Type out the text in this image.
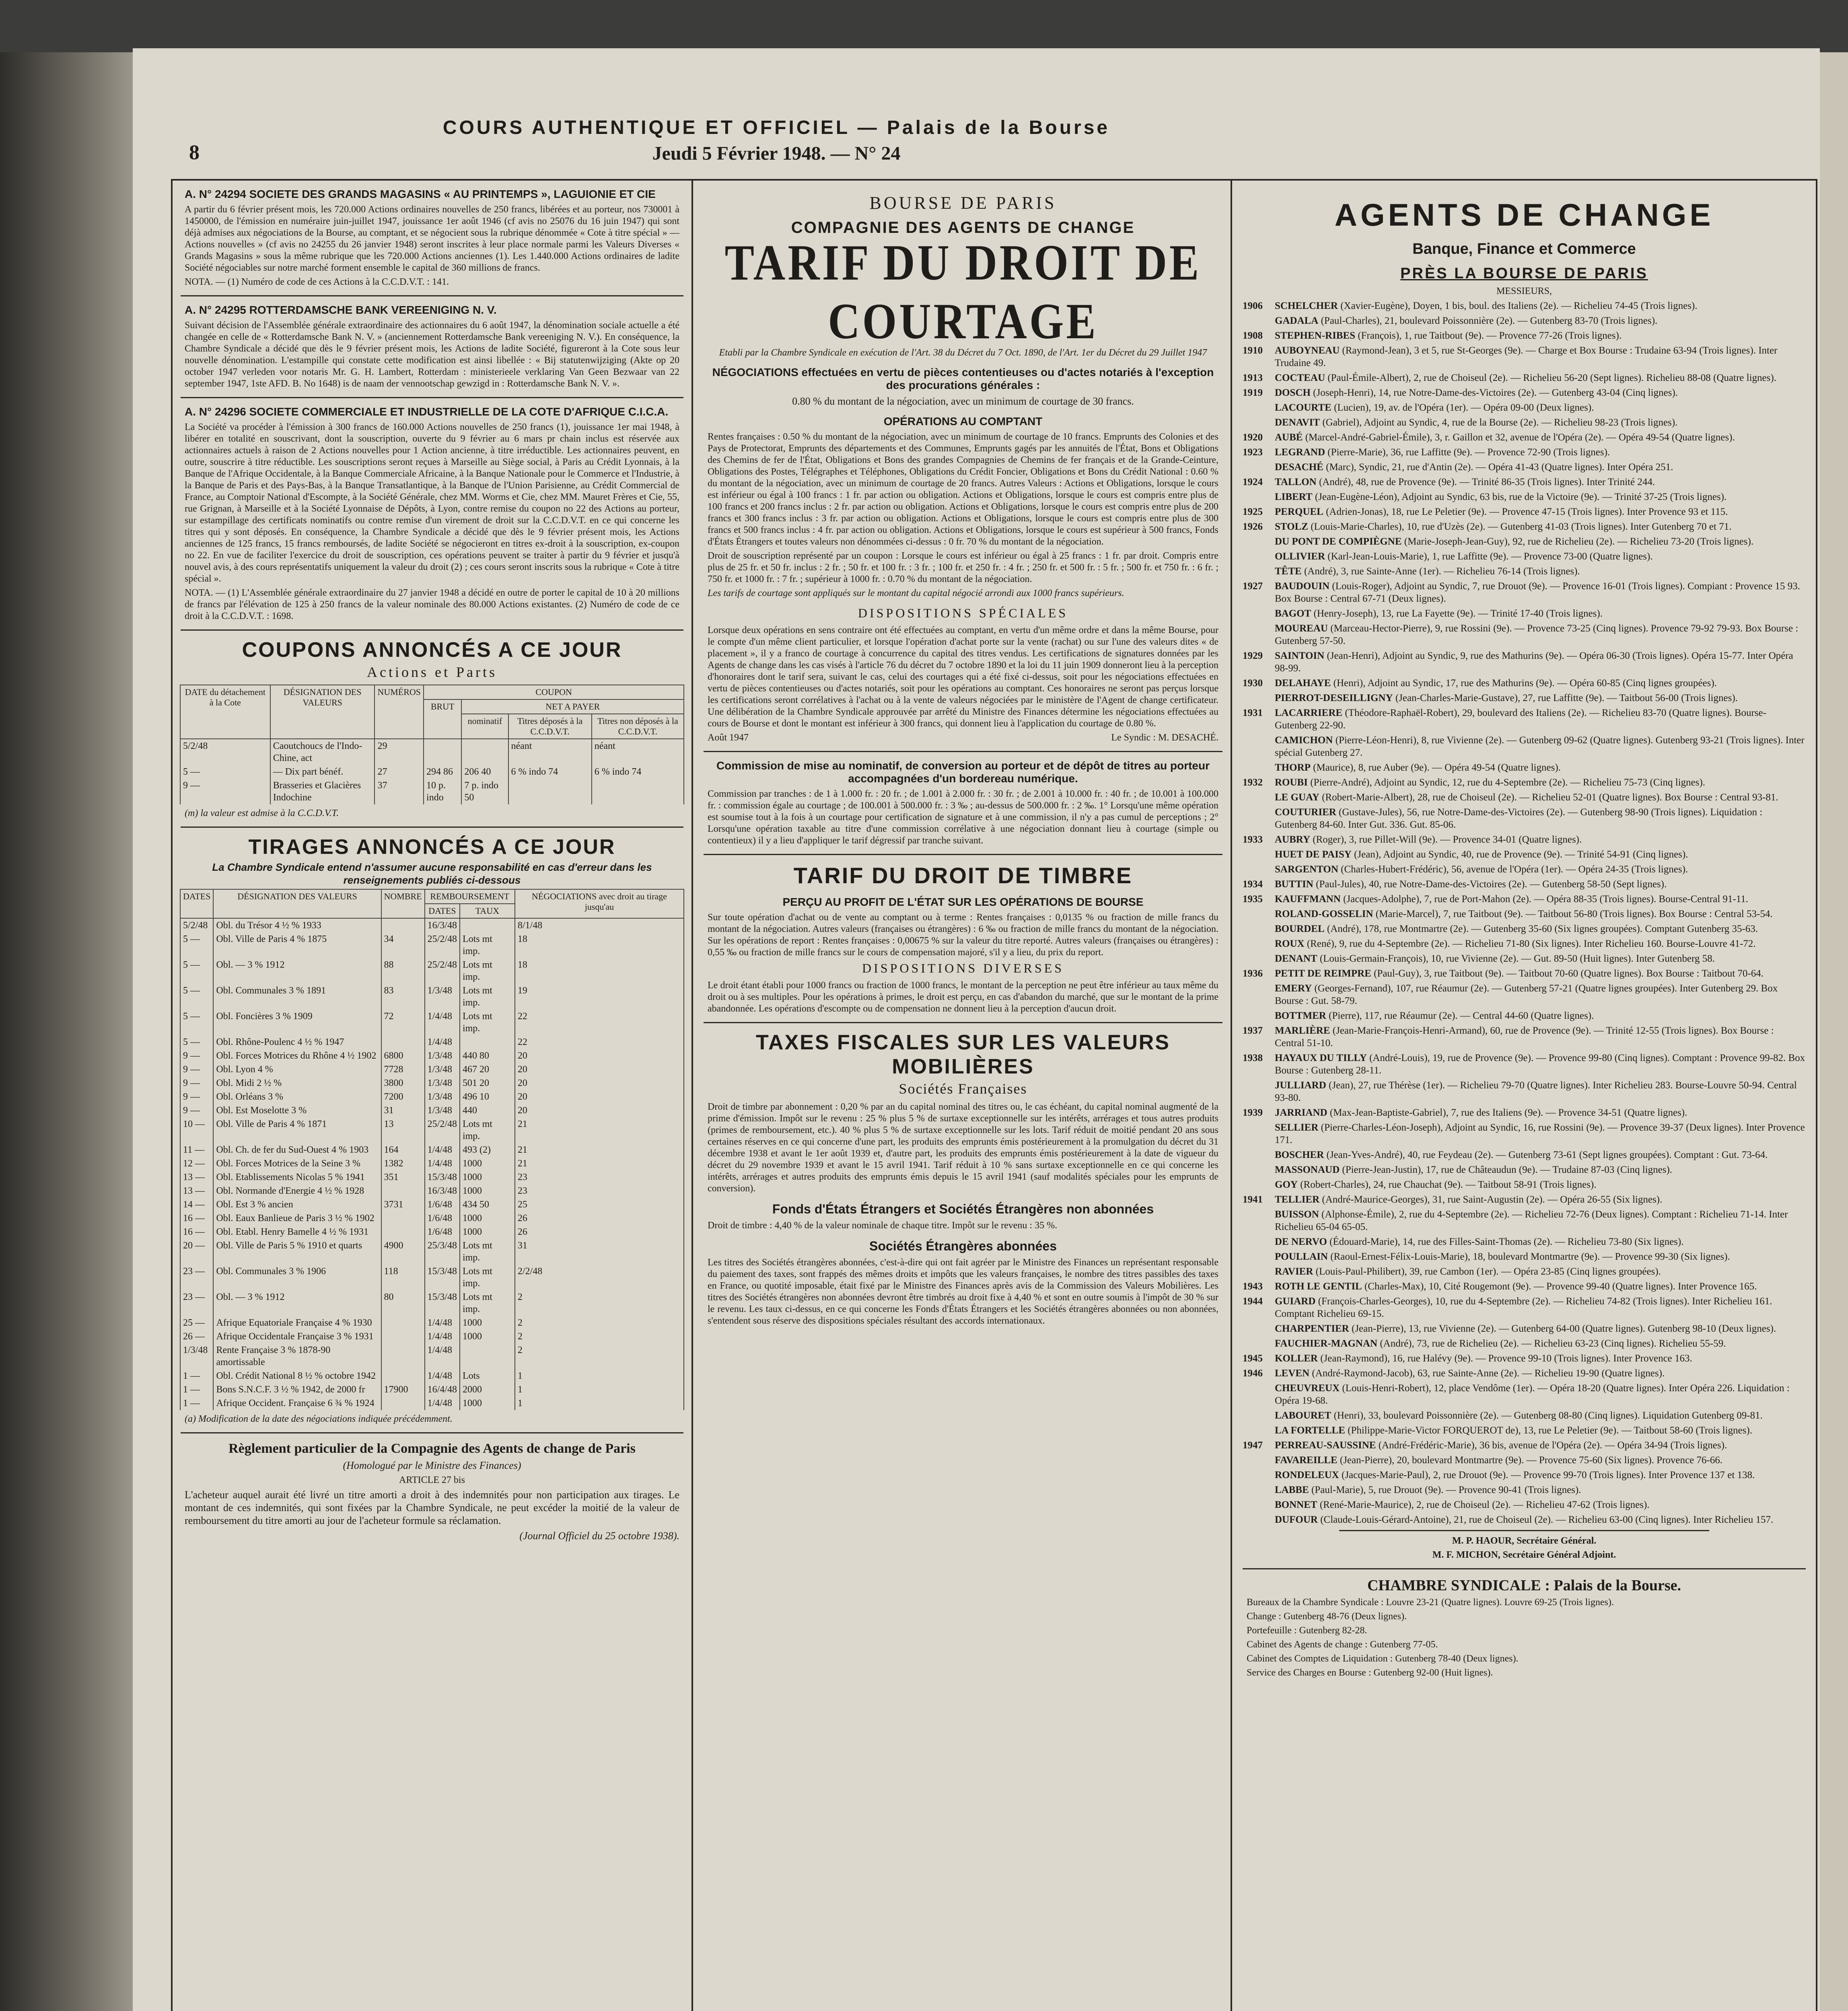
8
COURS AUTHENTIQUE ET OFFICIEL — Palais de la Bourse
Jeudi 5 Février 1948. — N° 24
A. N° 24294 SOCIETE DES GRANDS MAGASINS « AU PRINTEMPS », LAGUIONIE ET CIE
A partir du 6 février présent mois, les 720.000 Actions ordinaires nouvelles de 250 francs, libérées et au porteur, nos 730001 à 1450000, de l'émission en numéraire juin-juillet 1947, jouissance 1er août 1946 (cf avis no 25076 du 16 juin 1947) qui sont déjà admises aux négociations de la Bourse, au comptant, et se négocient sous la rubrique dénommée « Cote à titre spécial » — Actions nouvelles » (cf avis no 24255 du 26 janvier 1948) seront inscrites à leur place normale parmi les Valeurs Diverses « Grands Magasins » sous la même rubrique que les 720.000 Actions anciennes (1). Les 1.440.000 Actions ordinaires de ladite Société négociables sur notre marché forment ensemble le capital de 360 millions de francs.
NOTA. — (1) Numéro de code de ces Actions à la C.C.D.V.T. : 141.
A. N° 24295 ROTTERDAMSCHE BANK VEREENIGING N. V.
Suivant décision de l'Assemblée générale extraordinaire des actionnaires du 6 août 1947, la dénomination sociale actuelle a été changée en celle de « Rotterdamsche Bank N. V. » (anciennement Rotterdamsche Bank vereeniging N. V.). En conséquence, la Chambre Syndicale a décidé que dès le 9 février présent mois, les Actions de ladite Société, figureront à la Cote sous leur nouvelle dénomination. L'estampille qui constate cette modification est ainsi libellée : « Bij statutenwijziging (Akte op 20 october 1947 verleden voor notaris Mr. G. H. Lambert, Rotterdam : ministerieele verklaring Van Geen Bezwaar van 22 september 1947, 1ste AFD. B. No 1648) is de naam der vennootschap gewzigd in : Rotterdamsche Bank N. V. ».
A. N° 24296 SOCIETE COMMERCIALE ET INDUSTRIELLE DE LA COTE D'AFRIQUE C.I.C.A.
La Société va procéder à l'émission à 300 francs de 160.000 Actions nouvelles de 250 francs (1), jouissance 1er mai 1948, à libérer en totalité en souscrivant, dont la souscription, ouverte du 9 février au 6 mars pr chain inclus est réservée aux actionnaires actuels à raison de 2 Actions nouvelles pour 1 Action ancienne, à titre irréductible. Les actionnaires peuvent, en outre, souscrire à titre réductible. Les souscriptions seront reçues à Marseille au Siège social, à Paris au Crédit Lyonnais, à la Banque de l'Afrique Occidentale, à la Banque Commerciale Africaine, à la Banque Nationale pour le Commerce et l'Industrie, à la Banque de Paris et des Pays-Bas, à la Banque Transatlantique, à la Banque de l'Union Parisienne, au Crédit Commercial de France, au Comptoir National d'Escompte, à la Société Générale, chez MM. Worms et Cie, chez MM. Mauret Frères et Cie, 55, rue Grignan, à Marseille et à la Société Lyonnaise de Dépôts, à Lyon, contre remise du coupon no 22 des Actions au porteur, sur estampillage des certificats nominatifs ou contre remise d'un virement de droit sur la C.C.D.V.T. en ce qui concerne les titres qui y sont déposés. En conséquence, la Chambre Syndicale a décidé que dès le 9 février présent mois, les Actions anciennes de 125 francs, 15 francs remboursés, de ladite Société se négocieront en titres ex-droit à la souscription, ex-coupon no 22. En vue de faciliter l'exercice du droit de souscription, ces opérations peuvent se traiter à partir du 9 février et jusqu'à nouvel avis, à des cours représentatifs uniquement la valeur du droit (2) ; ces cours seront inscrits sous la rubrique « Cote à titre spécial ».
NOTA. — (1) L'Assemblée générale extraordinaire du 27 janvier 1948 a décidé en outre de porter le capital de 10 à 20 millions de francs par l'élévation de 125 à 250 francs de la valeur nominale des 80.000 Actions existantes. (2) Numéro de code de ce droit à la C.C.D.V.T. : 1698.
COUPONS ANNONCÉS A CE JOUR
Actions et Parts
DATE du détachement à la Cote	DÉSIGNATION DES VALEURS	NUMÉROS	COUPON			
			BRUT	NET A PAYER		
				nominatif	Titres déposés à la C.C.D.V.T.	Titres non déposés à la C.C.D.V.T.
5/2/48	Caoutchoucs de l'Indo-Chine, act	29			néant	néant
5 —	— Dix part bénéf.	27	294 86	206 40	6 % indo 74	6 % indo 74
9 —	Brasseries et Glacières Indochine	37	10 p. indo	7 p. indo 50		
(m) la valeur est admise à la C.C.D.V.T.
TIRAGES ANNONCÉS A CE JOUR
La Chambre Syndicale entend n'assumer aucune responsabilité en cas d'erreur dans les renseignements publiés ci-dessous
DATES	DÉSIGNATION DES VALEURS	NOMBRE	REMBOURSEMENT		NÉGOCIATIONS avec droit au tirage jusqu'au
			DATES	TAUX	
5/2/48	Obl. du Trésor 4 ½ % 1933		16/3/48		8/1/48
5 —	Obl. Ville de Paris 4 % 1875	34	25/2/48	Lots mt imp.	18
5 —	Obl. — 3 % 1912	88	25/2/48	Lots mt imp.	18
5 —	Obl. Communales 3 % 1891	83	1/3/48	Lots mt imp.	19
5 —	Obl. Foncières 3 % 1909	72	1/4/48	Lots mt imp.	22
5 —	Obl. Rhône-Poulenc 4 ½ % 1947		1/4/48		22
9 —	Obl. Forces Motrices du Rhône 4 ½ 1902	6800	1/3/48	440 80	20
9 —	Obl. Lyon 4 %	7728	1/3/48	467 20	20
9 —	Obl. Midi 2 ½ %	3800	1/3/48	501 20	20
9 —	Obl. Orléans 3 %	7200	1/3/48	496 10	20
9 —	Obl. Est Moselotte 3 %	31	1/3/48	440	20
10 —	Obl. Ville de Paris 4 % 1871	13	25/2/48	Lots mt imp.	21
11 —	Obl. Ch. de fer du Sud-Ouest 4 % 1903	164	1/4/48	493 (2)	21
12 —	Obl. Forces Motrices de la Seine 3 %	1382	1/4/48	1000	21
13 —	Obl. Etablissements Nicolas 5 % 1941	351	15/3/48	1000	23
13 —	Obl. Normande d'Energie 4 ½ % 1928		16/3/48	1000	23
14 —	Obl. Est 3 % ancien	3731	1/6/48	434 50	25
16 —	Obl. Eaux Banlieue de Paris 3 ½ % 1902		1/6/48	1000	26
16 —	Obl. Etabl. Henry Bamelle 4 ½ % 1931		1/6/48	1000	26
20 —	Obl. Ville de Paris 5 % 1910 et quarts	4900	25/3/48	Lots mt imp.	31
23 —	Obl. Communales 3 % 1906	118	15/3/48	Lots mt imp.	2/2/48
23 —	Obl. — 3 % 1912	80	15/3/48	Lots mt imp.	2
25 —	Afrique Equatoriale Française 4 % 1930		1/4/48	1000	2
26 —	Afrique Occidentale Française 3 % 1931		1/4/48	1000	2
1/3/48	Rente Française 3 % 1878-90 amortissable		1/4/48		2
1 —	Obl. Crédit National 8 ½ % octobre 1942		1/4/48	Lots	1
1 —	Bons S.N.C.F. 3 ½ % 1942, de 2000 fr	17900	16/4/48	2000	1
1 —	Afrique Occident. Française 6 ¾ % 1924		1/4/48	1000	1
(a) Modification de la date des négociations indiquée précédemment.
Règlement particulier de la Compagnie des Agents de change de Paris
(Homologué par le Ministre des Finances)
ARTICLE 27 bis
L'acheteur auquel aurait été livré un titre amorti a droit à des indemnités pour non participation aux tirages. Le montant de ces indemnités, qui sont fixées par la Chambre Syndicale, ne peut excéder la moitié de la valeur de remboursement du titre amorti au jour de l'acheteur formule sa réclamation.
(Journal Officiel du 25 octobre 1938).
BOURSE DE PARIS
COMPAGNIE DES AGENTS DE CHANGE
TARIF DU DROIT DE COURTAGE
Etabli par la Chambre Syndicale en exécution de l'Art. 38 du Décret du 7 Oct. 1890, de l'Art. 1er du Décret du 29 Juillet 1947
NÉGOCIATIONS effectuées en vertu de pièces contentieuses ou d'actes notariés à l'exception des procurations générales :
0.80 % du montant de la négociation, avec un minimum de courtage de 30 francs.
OPÉRATIONS AU COMPTANT
Rentes françaises : 0.50 % du montant de la négociation, avec un minimum de courtage de 10 francs. Emprunts des Colonies et des Pays de Protectorat, Emprunts des départements et des Communes, Emprunts gagés par les annuités de l'État, Bons et Obligations des Chemins de fer de l'État, Obligations et Bons des grandes Compagnies de Chemins de fer français et de la Grande-Ceinture, Obligations des Postes, Télégraphes et Téléphones, Obligations du Crédit Foncier, Obligations et Bons du Crédit National : 0.60 % du montant de la négociation, avec un minimum de courtage de 20 francs. Autres Valeurs : Actions et Obligations, lorsque le cours est inférieur ou égal à 100 francs : 1 fr. par action ou obligation. Actions et Obligations, lorsque le cours est compris entre plus de 100 francs et 200 francs inclus : 2 fr. par action ou obligation. Actions et Obligations, lorsque le cours est compris entre plus de 200 francs et 300 francs inclus : 3 fr. par action ou obligation. Actions et Obligations, lorsque le cours est compris entre plus de 300 francs et 500 francs inclus : 4 fr. par action ou obligation. Actions et Obligations, lorsque le cours est supérieur à 500 francs, Fonds d'États Étrangers et toutes valeurs non dénommées ci-dessus : 0 fr. 70 % du montant de la négociation.
Droit de souscription représenté par un coupon : Lorsque le cours est inférieur ou égal à 25 francs : 1 fr. par droit. Compris entre plus de 25 fr. et 50 fr. inclus : 2 fr. ; 50 fr. et 100 fr. : 3 fr. ; 100 fr. et 250 fr. : 4 fr. ; 250 fr. et 500 fr. : 5 fr. ; 500 fr. et 750 fr. : 6 fr. ; 750 fr. et 1000 fr. : 7 fr. ; supérieur à 1000 fr. : 0.70 % du montant de la négociation.
Les tarifs de courtage sont appliqués sur le montant du capital négocié arrondi aux 1000 francs supérieurs.
DISPOSITIONS SPÉCIALES
Lorsque deux opérations en sens contraire ont été effectuées au comptant, en vertu d'un même ordre et dans la même Bourse, pour le compte d'un même client particulier, et lorsque l'opération d'achat porte sur la vente (rachat) ou sur l'une des valeurs dites « de placement », il y a franco de courtage à concurrence du capital des titres vendus. Les certifications de signatures données par les Agents de change dans les cas visés à l'article 76 du décret du 7 octobre 1890 et la loi du 11 juin 1909 donneront lieu à la perception d'honoraires dont le tarif sera, suivant le cas, celui des courtages qui a été fixé ci-dessus, soit pour les négociations effectuées en vertu de pièces contentieuses ou d'actes notariés, soit pour les opérations au comptant. Ces honoraires ne seront pas perçus lorsque les certifications seront corrélatives à l'achat ou à la vente de valeurs négociées par le ministère de l'Agent de change certificateur. Une délibération de la Chambre Syndicale approuvée par arrêté du Ministre des Finances détermine les négociations effectuées au cours de Bourse et dont le montant est inférieur à 300 francs, qui donnent lieu à l'application du courtage de 0.80 %.
Août 1947	Le Syndic : M. DESACHÉ.
Commission de mise au nominatif, de conversion au porteur et de dépôt de titres au porteur accompagnées d'un bordereau numérique.
Commission par tranches : de 1 à 1.000 fr. : 20 fr. ; de 1.001 à 2.000 fr. : 30 fr. ; de 2.001 à 10.000 fr. : 40 fr. ; de 10.001 à 100.000 fr. : commission égale au courtage ; de 100.001 à 500.000 fr. : 3 ‰ ; au-dessus de 500.000 fr. : 2 ‰. 1° Lorsqu'une même opération est soumise tout à la fois à un courtage pour certification de signature et à une commission, il n'y a pas cumul de perceptions ; 2° Lorsqu'une opération taxable au titre d'une commission corrélative à une négociation donnant lieu à courtage (simple ou contentieux) il y a lieu d'appliquer le tarif dégressif par tranche suivant.
TARIF DU DROIT DE TIMBRE
PERÇU AU PROFIT DE L'ÉTAT SUR LES OPÉRATIONS DE BOURSE
Sur toute opération d'achat ou de vente au comptant ou à terme : Rentes françaises : 0,0135 % ou fraction de mille francs du montant de la négociation. Autres valeurs (françaises ou étrangères) : 6 ‰ ou fraction de mille francs du montant de la négociation. Sur les opérations de report : Rentes françaises : 0,00675 % sur la valeur du titre reporté. Autres valeurs (françaises ou étrangères) : 0,55 ‰ ou fraction de mille francs sur le cours de compensation majoré, s'il y a lieu, du prix du report.
DISPOSITIONS DIVERSES
Le droit étant établi pour 1000 francs ou fraction de 1000 francs, le montant de la perception ne peut être inférieur au taux même du droit ou à ses multiples. Pour les opérations à primes, le droit est perçu, en cas d'abandon du marché, que sur le montant de la prime abandonnée. Les opérations d'escompte ou de compensation ne donnent lieu à la perception d'aucun droit.
TAXES FISCALES SUR LES VALEURS MOBILIÈRES
Sociétés Françaises
Droit de timbre par abonnement : 0,20 % par an du capital nominal des titres ou, le cas échéant, du capital nominal augmenté de la prime d'émission. Impôt sur le revenu : 25 % plus 5 % de surtaxe exceptionnelle sur les intérêts, arrérages et tous autres produits (primes de remboursement, etc.). 40 % plus 5 % de surtaxe exceptionnelle sur les lots. Tarif réduit de moitié pendant 20 ans sous certaines réserves en ce qui concerne d'une part, les produits des emprunts émis postérieurement à la promulgation du décret du 31 décembre 1938 et avant le 1er août 1939 et, d'autre part, les produits des emprunts émis postérieurement à la date de vigueur du décret du 29 novembre 1939 et avant le 15 avril 1941. Tarif réduit à 10 % sans surtaxe exceptionnelle en ce qui concerne les intérêts, arrérages et autres produits des emprunts émis depuis le 15 avril 1941 (sauf modalités spéciales pour les emprunts de conversion).
Fonds d'États Étrangers et Sociétés Étrangères non abonnées
Droit de timbre : 4,40 % de la valeur nominale de chaque titre. Impôt sur le revenu : 35 %.
Sociétés Étrangères abonnées
Les titres des Sociétés étrangères abonnées, c'est-à-dire qui ont fait agréer par le Ministre des Finances un représentant responsable du paiement des taxes, sont frappés des mêmes droits et impôts que les valeurs françaises, le nombre des titres passibles des taxes en France, ou quotité imposable, était fixé par le Ministre des Finances après avis de la Commission des Valeurs Mobilières. Les titres des Sociétés étrangères non abonnées devront être timbrés au droit fixe à 4,40 % et sont en outre soumis à l'impôt de 30 % sur le revenu. Les taux ci-dessus, en ce qui concerne les Fonds d'États Étrangers et les Sociétés étrangères abonnées ou non abonnées, s'entendent sous réserve des dispositions spéciales résultant des accords internationaux.
AGENTS DE CHANGE
Banque, Finance et Commerce
PRÈS LA BOURSE DE PARIS
MESSIEURS,
1906	SCHELCHER (Xavier-Eugène), Doyen, 1 bis, boul. des Italiens (2e). — Richelieu 74-45 (Trois lignes).
GADALA (Paul-Charles), 21, boulevard Poissonnière (2e). — Gutenberg 83-70 (Trois lignes).
1908	STEPHEN-RIBES (François), 1, rue Taitbout (9e). — Provence 77-26 (Trois lignes).
1910	AUBOYNEAU (Raymond-Jean), 3 et 5, rue St-Georges (9e). — Charge et Box Bourse : Trudaine 63-94 (Trois lignes). Inter Trudaine 49.
1913	COCTEAU (Paul-Émile-Albert), 2, rue de Choiseul (2e). — Richelieu 56-20 (Sept lignes). Richelieu 88-08 (Quatre lignes).
1919	DOSCH (Joseph-Henri), 14, rue Notre-Dame-des-Victoires (2e). — Gutenberg 43-04 (Cinq lignes).
LACOURTE (Lucien), 19, av. de l'Opéra (1er). — Opéra 09-00 (Deux lignes).
DENAVIT (Gabriel), Adjoint au Syndic, 4, rue de la Bourse (2e). — Richelieu 98-23 (Trois lignes).
1920	AUBÉ (Marcel-André-Gabriel-Émile), 3, r. Gaillon et 32, avenue de l'Opéra (2e). — Opéra 49-54 (Quatre lignes).
1923	LEGRAND (Pierre-Marie), 36, rue Laffitte (9e). — Provence 72-90 (Trois lignes).
DESACHÉ (Marc), Syndic, 21, rue d'Antin (2e). — Opéra 41-43 (Quatre lignes). Inter Opéra 251.
1924	TALLON (André), 48, rue de Provence (9e). — Trinité 86-35 (Trois lignes). Inter Trinité 244.
LIBERT (Jean-Eugène-Léon), Adjoint au Syndic, 63 bis, rue de la Victoire (9e). — Trinité 37-25 (Trois lignes).
1925	PERQUEL (Adrien-Jonas), 18, rue Le Peletier (9e). — Provence 47-15 (Trois lignes). Inter Provence 93 et 115.
1926	STOLZ (Louis-Marie-Charles), 10, rue d'Uzès (2e). — Gutenberg 41-03 (Trois lignes). Inter Gutenberg 70 et 71.
DU PONT DE COMPIÈGNE (Marie-Joseph-Jean-Guy), 92, rue de Richelieu (2e). — Richelieu 73-20 (Trois lignes).
OLLIVIER (Karl-Jean-Louis-Marie), 1, rue Laffitte (9e). — Provence 73-00 (Quatre lignes).
TÊTE (André), 3, rue Sainte-Anne (1er). — Richelieu 76-14 (Trois lignes).
1927	BAUDOUIN (Louis-Roger), Adjoint au Syndic, 7, rue Drouot (9e). — Provence 16-01 (Trois lignes). Compiant : Provence 15 93. Box Bourse : Central 67-71 (Deux lignes).
BAGOT (Henry-Joseph), 13, rue La Fayette (9e). — Trinité 17-40 (Trois lignes).
MOUREAU (Marceau-Hector-Pierre), 9, rue Rossini (9e). — Provence 73-25 (Cinq lignes). Provence 79-92 79-93. Box Bourse : Gutenberg 57-50.
1929	SAINTOIN (Jean-Henri), Adjoint au Syndic, 9, rue des Mathurins (9e). — Opéra 06-30 (Trois lignes). Opéra 15-77. Inter Opéra 98-99.
1930	DELAHAYE (Henri), Adjoint au Syndic, 17, rue des Mathurins (9e). — Opéra 60-85 (Cinq lignes groupées).
PIERROT-DESEILLIGNY (Jean-Charles-Marie-Gustave), 27, rue Laffitte (9e). — Taitbout 56-00 (Trois lignes).
1931	LACARRIERE (Théodore-Raphaël-Robert), 29, boulevard des Italiens (2e). — Richelieu 83-70 (Quatre lignes). Bourse-Gutenberg 22-90.
CAMICHON (Pierre-Léon-Henri), 8, rue Vivienne (2e). — Gutenberg 09-62 (Quatre lignes). Gutenberg 93-21 (Trois lignes). Inter spécial Gutenberg 27.
THORP (Maurice), 8, rue Auber (9e). — Opéra 49-54 (Quatre lignes).
1932	ROUBI (Pierre-André), Adjoint au Syndic, 12, rue du 4-Septembre (2e). — Richelieu 75-73 (Cinq lignes).
LE GUAY (Robert-Marie-Albert), 28, rue de Choiseul (2e). — Richelieu 52-01 (Quatre lignes). Box Bourse : Central 93-81.
COUTURIER (Gustave-Jules), 56, rue Notre-Dame-des-Victoires (2e). — Gutenberg 98-90 (Trois lignes). Liquidation : Gutenberg 84-60. Inter Gut. 336. Gut. 85-06.
1933	AUBRY (Roger), 3, rue Pillet-Will (9e). — Provence 34-01 (Quatre lignes).
HUET DE PAISY (Jean), Adjoint au Syndic, 40, rue de Provence (9e). — Trinité 54-91 (Cinq lignes).
SARGENTON (Charles-Hubert-Frédéric), 56, avenue de l'Opéra (1er). — Opéra 24-35 (Trois lignes).
1934	BUTTIN (Paul-Jules), 40, rue Notre-Dame-des-Victoires (2e). — Gutenberg 58-50 (Sept lignes).
1935	KAUFFMANN (Jacques-Adolphe), 7, rue de Port-Mahon (2e). — Opéra 88-35 (Trois lignes). Bourse-Central 91-11.
ROLAND-GOSSELIN (Marie-Marcel), 7, rue Taitbout (9e). — Taitbout 56-80 (Trois lignes). Box Bourse : Central 53-54.
BOURDEL (André), 178, rue Montmartre (2e). — Gutenberg 35-60 (Six lignes groupées). Comptant Gutenberg 35-63.
ROUX (René), 9, rue du 4-Septembre (2e). — Richelieu 71-80 (Six lignes). Inter Richelieu 160. Bourse-Louvre 41-72.
DENANT (Louis-Germain-François), 10, rue Vivienne (2e). — Gut. 89-50 (Huit lignes). Inter Gutenberg 58.
1936	PETIT DE REIMPRE (Paul-Guy), 3, rue Taitbout (9e). — Taitbout 70-60 (Quatre lignes). Box Bourse : Taitbout 70-64.
EMERY (Georges-Fernand), 107, rue Réaumur (2e). — Gutenberg 57-21 (Quatre lignes groupées). Inter Gutenberg 29. Box Bourse : Gut. 58-79.
BOTTMER (Pierre), 117, rue Réaumur (2e). — Central 44-60 (Quatre lignes).
1937	MARLIÈRE (Jean-Marie-François-Henri-Armand), 60, rue de Provence (9e). — Trinité 12-55 (Trois lignes). Box Bourse : Central 51-10.
1938	HAYAUX DU TILLY (André-Louis), 19, rue de Provence (9e). — Provence 99-80 (Cinq lignes). Comptant : Provence 99-82. Box Bourse : Gutenberg 28-11.
JULLIARD (Jean), 27, rue Thérèse (1er). — Richelieu 79-70 (Quatre lignes). Inter Richelieu 283. Bourse-Louvre 50-94. Central 93-80.
1939	JARRIAND (Max-Jean-Baptiste-Gabriel), 7, rue des Italiens (9e). — Provence 34-51 (Quatre lignes).
SELLIER (Pierre-Charles-Léon-Joseph), Adjoint au Syndic, 16, rue Rossini (9e). — Provence 39-37 (Deux lignes). Inter Provence 171.
BOSCHER (Jean-Yves-André), 40, rue Feydeau (2e). — Gutenberg 73-61 (Sept lignes groupées). Comptant : Gut. 73-64.
MASSONAUD (Pierre-Jean-Justin), 17, rue de Châteaudun (9e). — Trudaine 87-03 (Cinq lignes).
GOY (Robert-Charles), 24, rue Chauchat (9e). — Taitbout 58-91 (Trois lignes).
1941	TELLIER (André-Maurice-Georges), 31, rue Saint-Augustin (2e). — Opéra 26-55 (Six lignes).
BUISSON (Alphonse-Émile), 2, rue du 4-Septembre (2e). — Richelieu 72-76 (Deux lignes). Comptant : Richelieu 71-14. Inter Richelieu 65-04 65-05.
DE NERVO (Édouard-Marie), 14, rue des Filles-Saint-Thomas (2e). — Richelieu 73-80 (Six lignes).
POULLAIN (Raoul-Ernest-Félix-Louis-Marie), 18, boulevard Montmartre (9e). — Provence 99-30 (Six lignes).
RAVIER (Louis-Paul-Philibert), 39, rue Cambon (1er). — Opéra 23-85 (Cinq lignes groupées).
1943	ROTH LE GENTIL (Charles-Max), 10, Cité Rougemont (9e). — Provence 99-40 (Quatre lignes). Inter Provence 165.
1944	GUIARD (François-Charles-Georges), 10, rue du 4-Septembre (2e). — Richelieu 74-82 (Trois lignes). Inter Richelieu 161. Comptant Richelieu 69-15.
CHARPENTIER (Jean-Pierre), 13, rue Vivienne (2e). — Gutenberg 64-00 (Quatre lignes). Gutenberg 98-10 (Deux lignes).
FAUCHIER-MAGNAN (André), 73, rue de Richelieu (2e). — Richelieu 63-23 (Cinq lignes). Richelieu 55-59.
1945	KOLLER (Jean-Raymond), 16, rue Halévy (9e). — Provence 99-10 (Trois lignes). Inter Provence 163.
1946	LEVEN (André-Raymond-Jacob), 63, rue Sainte-Anne (2e). — Richelieu 19-90 (Quatre lignes).
CHEUVREUX (Louis-Henri-Robert), 12, place Vendôme (1er). — Opéra 18-20 (Quatre lignes). Inter Opéra 226. Liquidation : Opéra 19-68.
LABOURET (Henri), 33, boulevard Poissonnière (2e). — Gutenberg 08-80 (Cinq lignes). Liquidation Gutenberg 09-81.
LA FORTELLE (Philippe-Marie-Victor FORQUEROT de), 13, rue Le Peletier (9e). — Taitbout 58-60 (Trois lignes).
1947	PERREAU-SAUSSINE (André-Frédéric-Marie), 36 bis, avenue de l'Opéra (2e). — Opéra 34-94 (Trois lignes).
FAVAREILLE (Jean-Pierre), 20, boulevard Montmartre (9e). — Provence 75-60 (Six lignes). Provence 76-66.
RONDELEUX (Jacques-Marie-Paul), 2, rue Drouot (9e). — Provence 99-70 (Trois lignes). Inter Provence 137 et 138.
LABBE (Paul-Marie), 5, rue Drouot (9e). — Provence 90-41 (Trois lignes).
BONNET (René-Marie-Maurice), 2, rue de Choiseul (2e). — Richelieu 47-62 (Trois lignes).
DUFOUR (Claude-Louis-Gérard-Antoine), 21, rue de Choiseul (2e). — Richelieu 63-00 (Cinq lignes). Inter Richelieu 157.
M. P. HAOUR, Secrétaire Général.
M. F. MICHON, Secrétaire Général Adjoint.
CHAMBRE SYNDICALE : Palais de la Bourse.
Bureaux de la Chambre Syndicale : Louvre 23-21 (Quatre lignes). Louvre 69-25 (Trois lignes).
Change : Gutenberg 48-76 (Deux lignes).
Portefeuille : Gutenberg 82-28.
Cabinet des Agents de change : Gutenberg 77-05.
Cabinet des Comptes de Liquidation : Gutenberg 78-40 (Deux lignes).
Service des Charges en Bourse : Gutenberg 92-00 (Huit lignes).
